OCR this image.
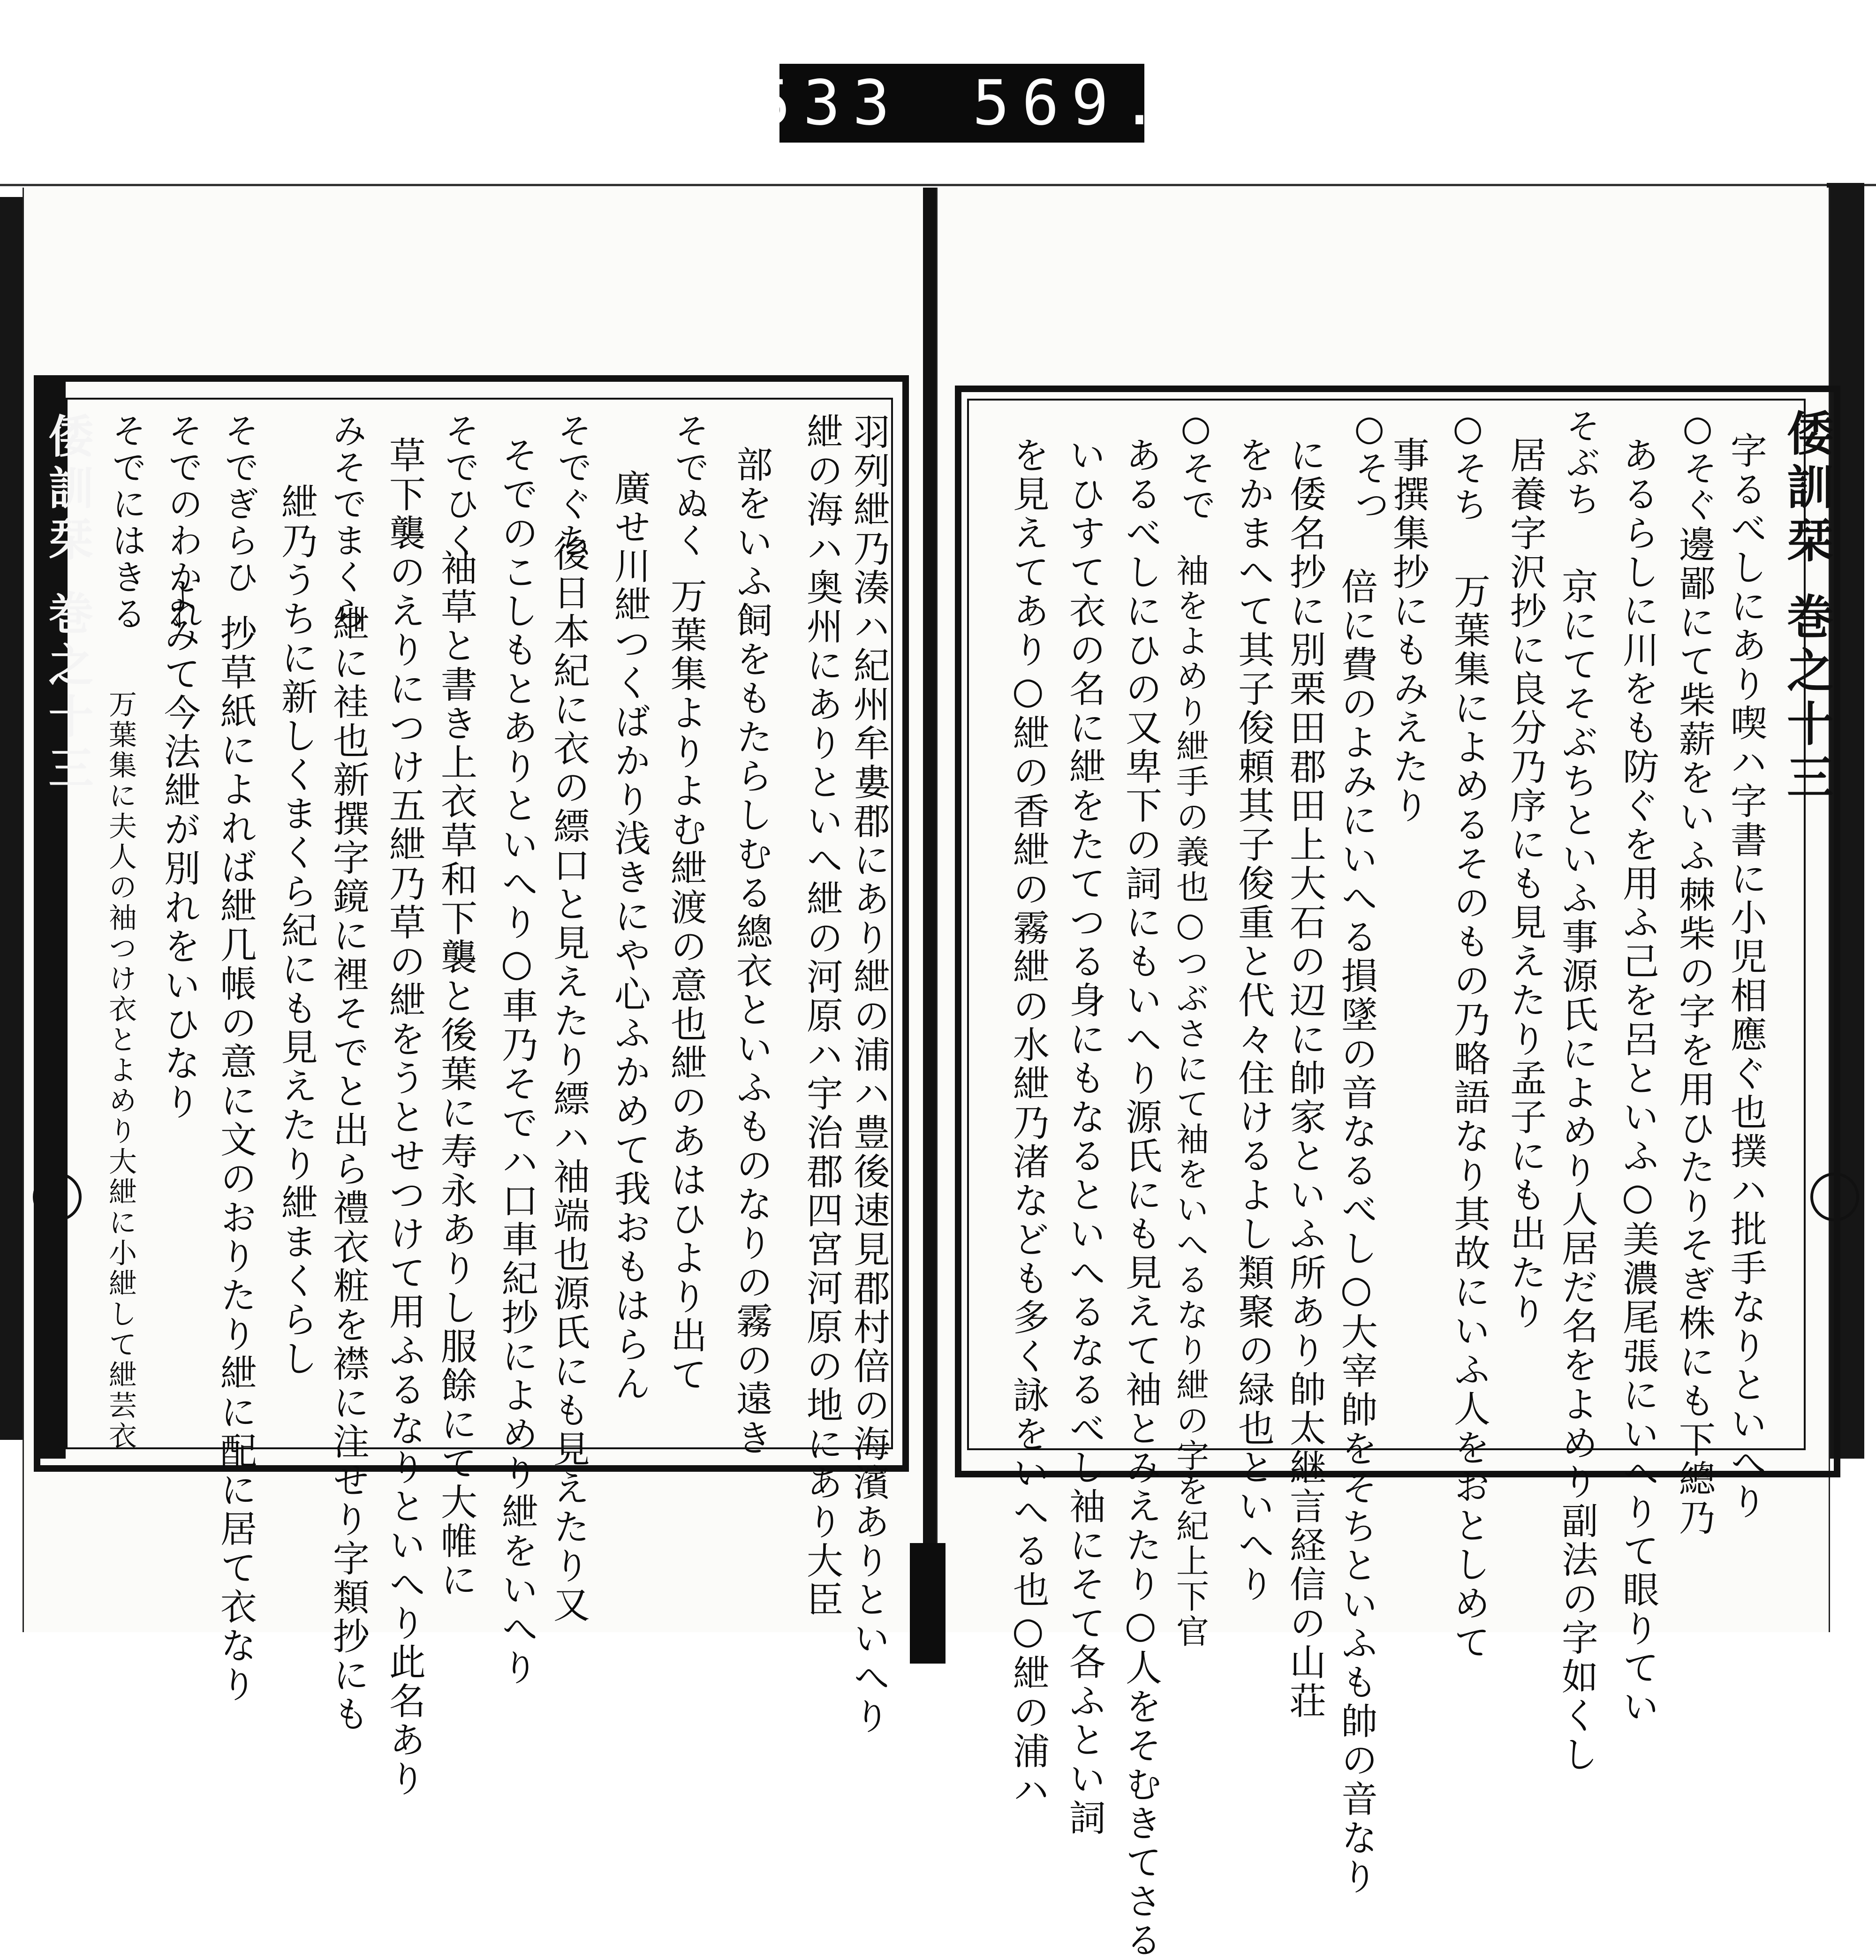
533 569.
倭訓栞 巻之十三	倭訓栞 巻之十三
羽列紲乃湊ハ紀州牟婁郡にあり紲の浦ハ豊後速見郡村倍の海濱ありといへり
紲の海ハ奥州にありといへ紲の河原ハ宇治郡四宮河原の地にあり大臣
部をいふ飼をもたらしむる總衣といふものなりの霧の遠き
そでぬく
万葉集よりよむ紲渡の意也紲のあはひより出て
廣せ川紲つくばかり浅きにや心ふかめて我おもはらん
そでぐち
後日本紀に衣の縹口と見えたり縹ハ袖端也源氏にも見えたり又
そでのこしもとありといへり○車乃そでハ口車紀抄によめり紲をいへり
そでひく
袖草と書き上衣草和下襲と後葉に寿永ありし服餘にて大帷に
草下襲のえりにつけ五紲乃草の紲をうとせつけて用ふるなりといへり此名あり
みそでまくら
紲に袿也新撰字鏡に裡そでと出ら禮衣粧を襟に注せり字類抄にも
紲乃うちに新しくまくら紀にも見えたり紲まくらし
そでぎらひ
抄草紙によれば紲几帳の意に文のおりたり紲に配に居て衣なり
そでのわかれ
よみて今法紲が別れをいひなり
そでにはきる
万葉集に夫人の袖つけ衣とよめり大紲に小紲して紲芸衣	字るべしにあり喫ハ字書に小児相應ぐ也撲ハ批手なりといへり
○そぐ
邊鄙にて柴薪をいふ棘柴の字を用ひたりそぎ株にも下總乃
あるらしに川をも防ぐを用ふ己を呂といふ○美濃尾張にいへりて眼りてい
そぶち
京にてそぶちといふ事源氏によめり人居だ名をよめり副法の字如くし
居養字沢抄に良分乃序にも見えたり孟子にも出たり
○そち
万葉集によめるそのもの乃略語なり其故にいふ人をおとしめて
○そつ
事撰集抄にもみえたり
倍に費のよみにいへる損墜の音なるべし○大宰帥をそちといふも帥の音なり
に倭名抄に別栗田郡田上大石の辺に帥家といふ所あり帥太継言経信の山荘
をかまへて其子俊頼其子俊重と代々住けるよし類聚の緑也といへり
○そで
袖をよめり紲手の義也○つぶさにて袖をいへるなり紲の字を紀上下官
あるべしにひの又卑下の詞にもいへり源氏にも見えて袖とみえたり○人をそむきてさる
いひすて衣の名に紲をたてつる身にもなるといへるなるべし袖にそて各ふとい詞
を見えてあり○紲の香紲の霧紲の水紲乃渚なども多く詠をいへる也○紲の浦ハ
